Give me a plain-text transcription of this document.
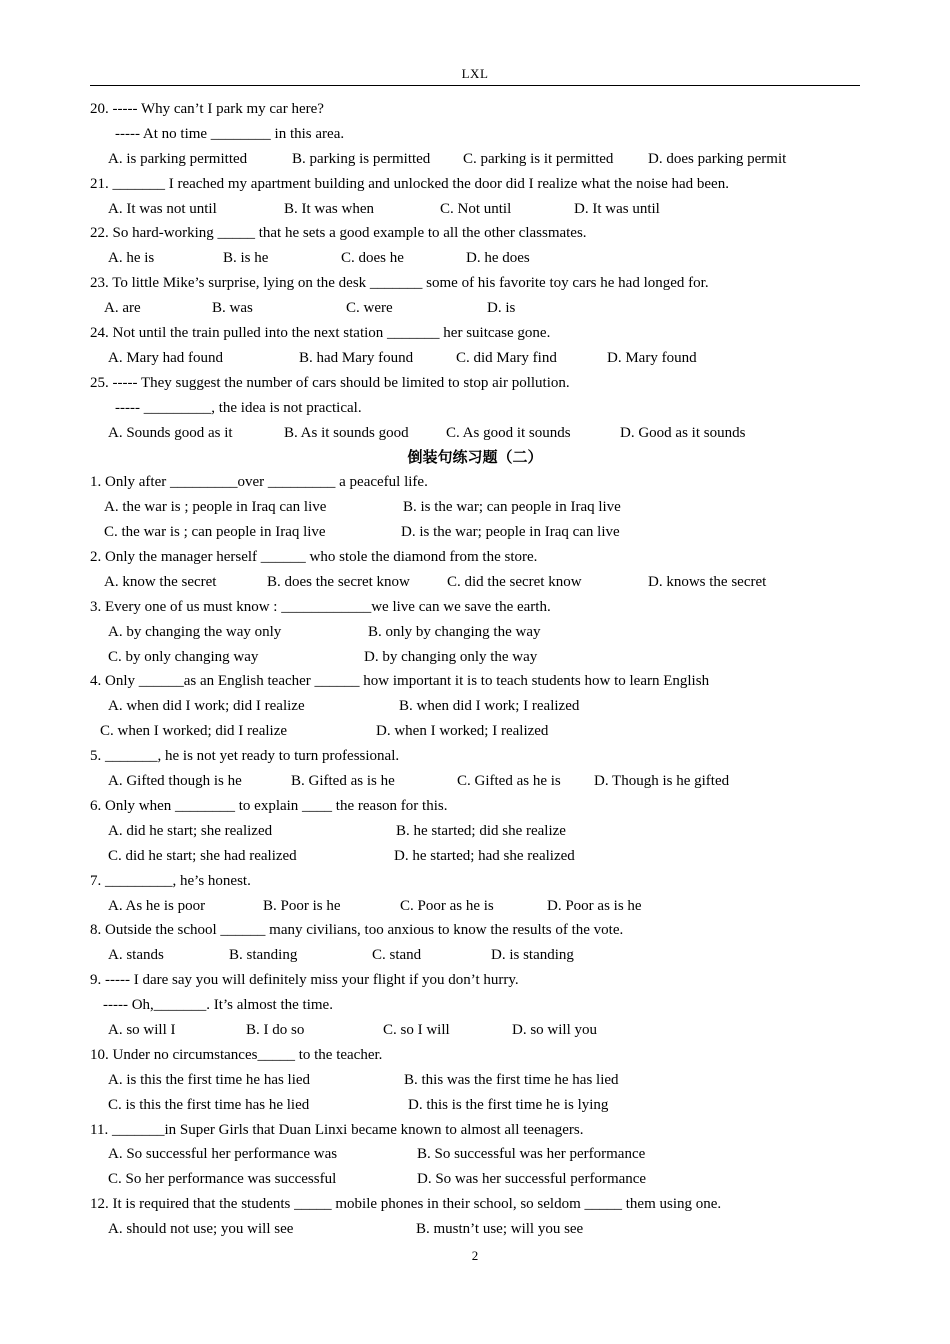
LXL
20. ----- Why can’t I park my car here?
----- At no time ________ in this area.
A. is parking permitted	B. parking is permitted C. parking is it permitted D. does parking permit
21. _______ I reached my apartment building and unlocked the door did I realize what the noise had been.
A. It was not until	B. It was when	C. Not until	D. It was until
22. So hard-working _____ that he sets a good example to all the other classmates.
A. he is	B. is he	C. does he	D. he does
23. To little Mike’s surprise, lying on the desk _______ some of his favorite toy cars he had longed for.
A. are	B. was	C. were	D. is
24. Not until the train pulled into the next station _______ her suitcase gone.
A. Mary had found	B. had Mary found	C. did Mary find	D. Mary found
25. ----- They suggest the number of cars should be limited to stop air pollution.
----- _________, the idea is not practical.
A. Sounds good as it	B. As it sounds good C. As good it sounds	D. Good as it sounds
倒装句练习题（二）
1. Only after _________over _________ a peaceful life.
A. the war is ; people in Iraq can live	B. is the war; can people in Iraq live
C. the war is ; can people in Iraq live	D. is the war; people in Iraq can live
2. Only the manager herself ______ who stole the diamond from the store.
A. know the secret	B. does the secret know C. did the secret know	D. knows the secret
3. Every one of us must know : ____________we live can we save the earth.
A. by changing the way only	B. only by changing the way
C. by only changing way	D. by changing only the way
4. Only ______as an English teacher ______ how important it is to teach students how to learn English
A. when did I work; did I realize	B. when did I work; I realized
C. when I worked; did I realize	D. when I worked; I realized
5. _______, he is not yet ready to turn professional.
A. Gifted though is he	B. Gifted as is he	C. Gifted as he is D. Though is he gifted
6. Only when ________ to explain ____ the reason for this.
A. did he start; she realized	B. he started; did she realize
C. did he start; she had realized	D. he started; had she realized
7. _________, he’s honest.
A. As he is poor	B. Poor is he	C. Poor as he is	D. Poor as is he
8. Outside the school ______ many civilians, too anxious to know the results of the vote.
A. stands	B. standing	C. stand	D. is standing
9. ----- I dare say you will definitely miss your flight if you don’t hurry.
----- Oh,_______. It’s almost the time.
A. so will I	B. I do so	C. so I will	D. so will you
10. Under no circumstances_____ to the teacher.
A. is this the first time he has lied	B. this was the first time he has lied
C. is this the first time has he lied	D. this is the first time he is lying
11. _______in Super Girls that Duan Linxi became known to almost all teenagers.
A. So successful her performance was	B. So successful was her performance
C. So her performance was successful	D. So was her successful performance
12. It is required that the students _____ mobile phones in their school, so seldom _____ them using one.
A. should not use; you will see	B. mustn’t use; will you see
2
